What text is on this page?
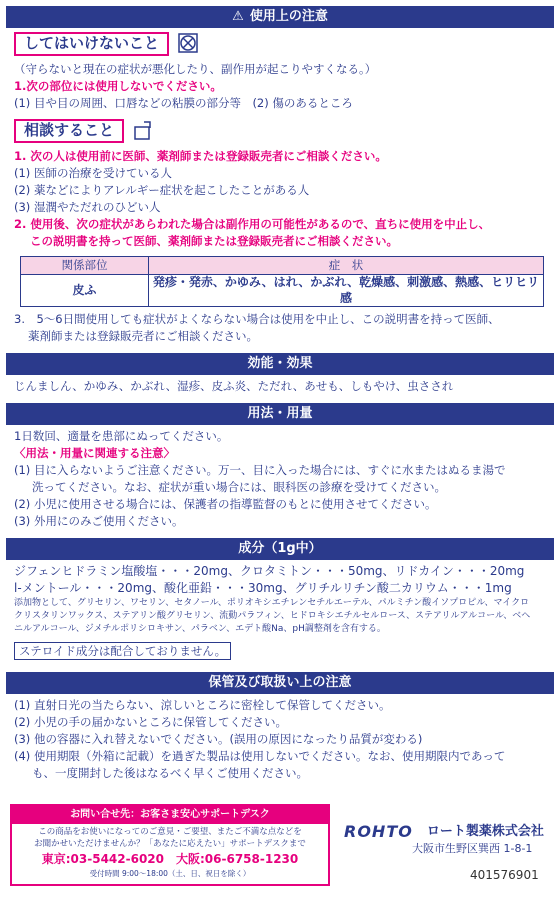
⚠ 使用上の注意
してはいけないこと
（守らないと現在の症状が悪化したり、副作用が起こりやすくなる。）
1.次の部位には使用しないでください。
(1) 目や目の周囲、口唇などの粘膜の部分等　(2) 傷のあるところ
相談すること
1. 次の人は使用前に医師、薬剤師または登録販売者にご相談ください。
(1) 医師の治療を受けている人
(2) 薬などによりアレルギー症状を起こしたことがある人
(3) 湿潤やただれのひどい人
2. 使用後、次の症状があらわれた場合は副作用の可能性があるので、直ちに使用を中止し、
この説明書を持って医師、薬剤師または登録販売者にご相談ください。
関係部位	症　状
皮ふ	発疹・発赤、かゆみ、はれ、かぶれ、乾燥感、刺激感、熱感、ヒリヒリ感
3.　5～6日間使用しても症状がよくならない場合は使用を中止し、この説明書を持って医師、
薬剤師または登録販売者にご相談ください。
効能・効果
じんましん、かゆみ、かぶれ、湿疹、皮ふ炎、ただれ、あせも、しもやけ、虫さされ
用法・用量
1日数回、適量を患部にぬってください。
〈用法・用量に関連する注意〉
(1) 目に入らないようご注意ください。万一、目に入った場合には、すぐに水またはぬるま湯で
洗ってください。なお、症状が重い場合には、眼科医の診療を受けてください。
(2) 小児に使用させる場合には、保護者の指導監督のもとに使用させてください。
(3) 外用にのみご使用ください。
成分（1g中）
ジフェンヒドラミン塩酸塩・・・20mg、クロタミトン・・・50mg、リドカイン・・・20mg
l-メントール・・・20mg、酸化亜鉛・・・30mg、グリチルリチン酸二カリウム・・・1mg
添加物として、グリセリン、ワセリン、セタノール、ポリオキシエチレンセチルエーテル、パルミチン酸イソプロピル、マイクロ
クリスタリンワックス、ステアリン酸グリセリン、流動パラフィン、ヒドロキシエチルセルロース、ステアリルアルコール、ベヘ
ニルアルコール、ジメチルポリシロキサン、パラベン、エデト酸Na、pH調整剤を含有する。
ステロイド成分は配合しておりません。
保管及び取扱い上の注意
(1) 直射日光の当たらない、涼しいところに密栓して保管してください。
(2) 小児の手の届かないところに保管してください。
(3) 他の容器に入れ替えないでください。(誤用の原因になったり品質が変わる)
(4) 使用期限（外箱に記載）を過ぎた製品は使用しないでください。なお、使用期限内であって
も、一度開封した後はなるべく早くご使用ください。
お問い合せ先：お客さま安心サポートデスク
この商品をお使いになってのご意見・ご要望、またご不満な点などを
お聞かせいただけませんか？「あなたに応えたい」サポートデスクまで
東京:03-5442-6020　大阪:06-6758-1230
受付時間 9:00～18:00（土、日、祝日を除く）
ROHTO ロート製薬株式会社
大阪市生野区巽西 1-8-1
401576901
